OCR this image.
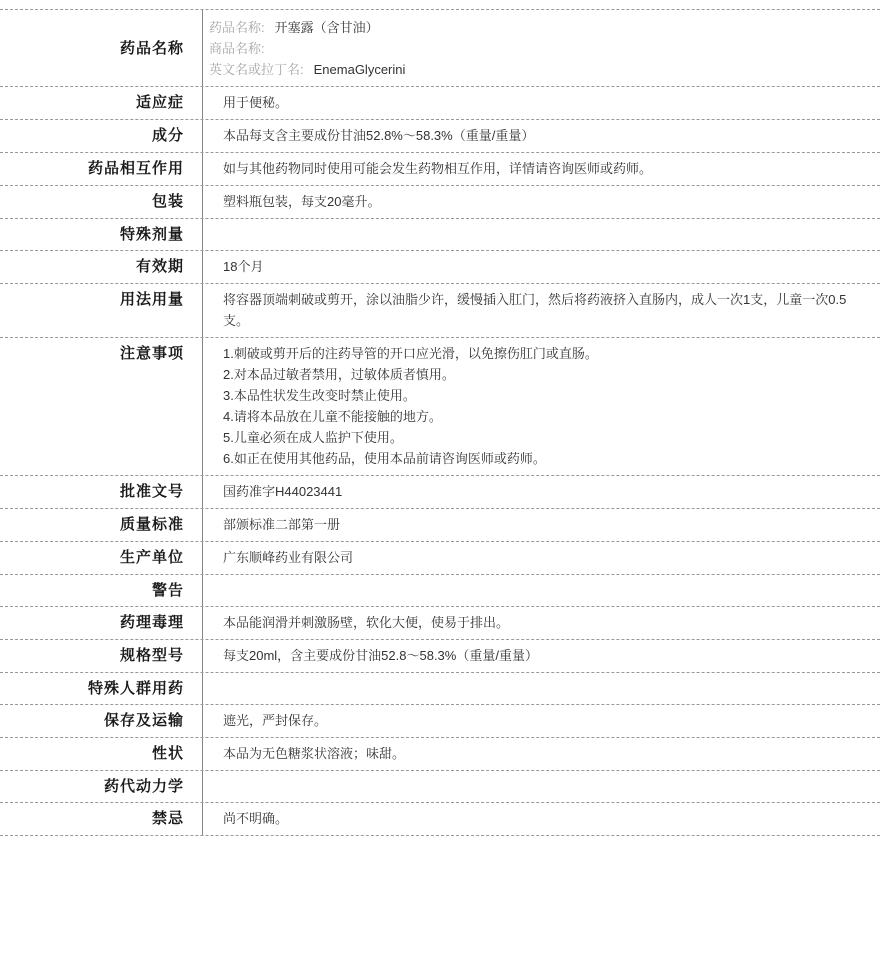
药品名称
药品名称: 开塞露（含甘油）
商品名称:
英文名或拉丁名: EnemaGlycerini
适应症	用于便秘。
成分	本品每支含主要成份甘油52.8%～58.3%（重量/重量）
药品相互作用	如与其他药物同时使用可能会发生药物相互作用，详情请咨询医师或药师。
包装	塑料瓶包装，每支20毫升。
特殊剂量
有效期	18个月
用法用量	将容器顶端刺破或剪开，涂以油脂少许，缓慢插入肛门，然后将药液挤入直肠内，成人一次1支，儿童一次0.5支。
注意事项	1.刺破或剪开后的注药导管的开口应光滑，以免擦伤肛门或直肠。
2.对本品过敏者禁用，过敏体质者慎用。
3.本品性状发生改变时禁止使用。
4.请将本品放在儿童不能接触的地方。
5.儿童必须在成人监护下使用。
6.如正在使用其他药品，使用本品前请咨询医师或药师。
批准文号	国药准字H44023441
质量标准	部颁标准二部第一册
生产单位	广东顺峰药业有限公司
警告
药理毒理	本品能润滑并刺激肠壁，软化大便，使易于排出。
规格型号	每支20ml，含主要成份甘油52.8～58.3%（重量/重量）
特殊人群用药
保存及运输	遮光，严封保存。
性状	本品为无色糖浆状溶液；味甜。
药代动力学
禁忌	尚不明确。
